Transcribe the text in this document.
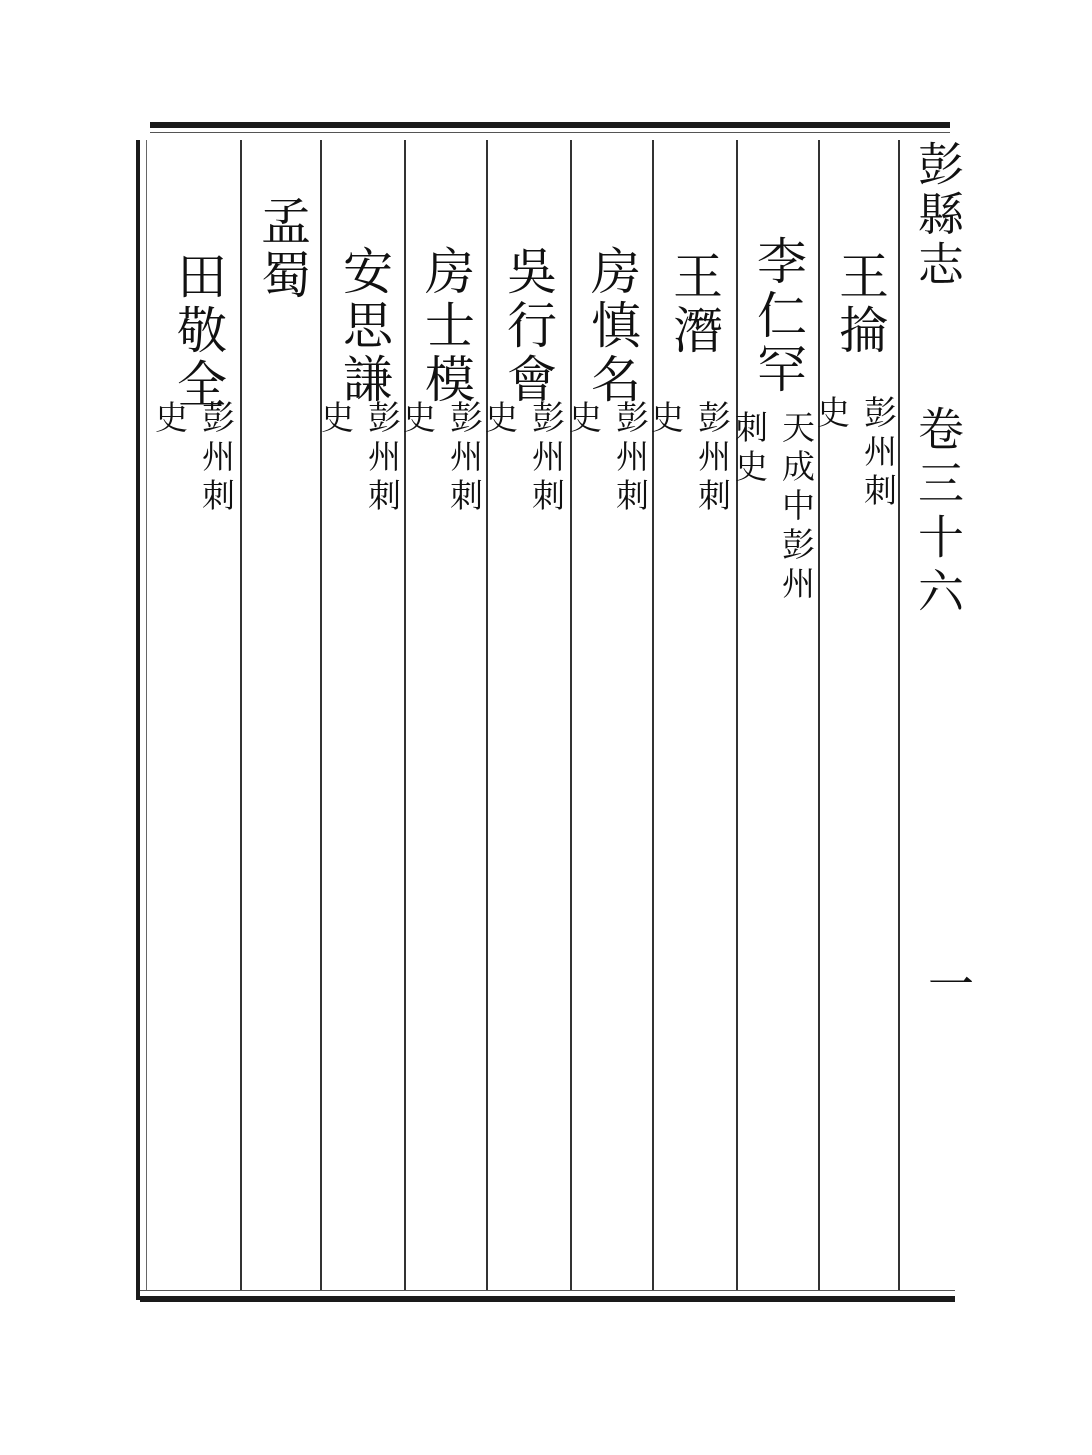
彭縣志
卷三十六
一
王掄
彭州刺史
李仁罕
天成中彭州刺史
王潛
彭州刺史
房慎名
彭州刺史
吳行會
彭州刺史
房士模
彭州刺史
安思謙
彭州刺史
孟蜀
田敬全
彭州刺史
